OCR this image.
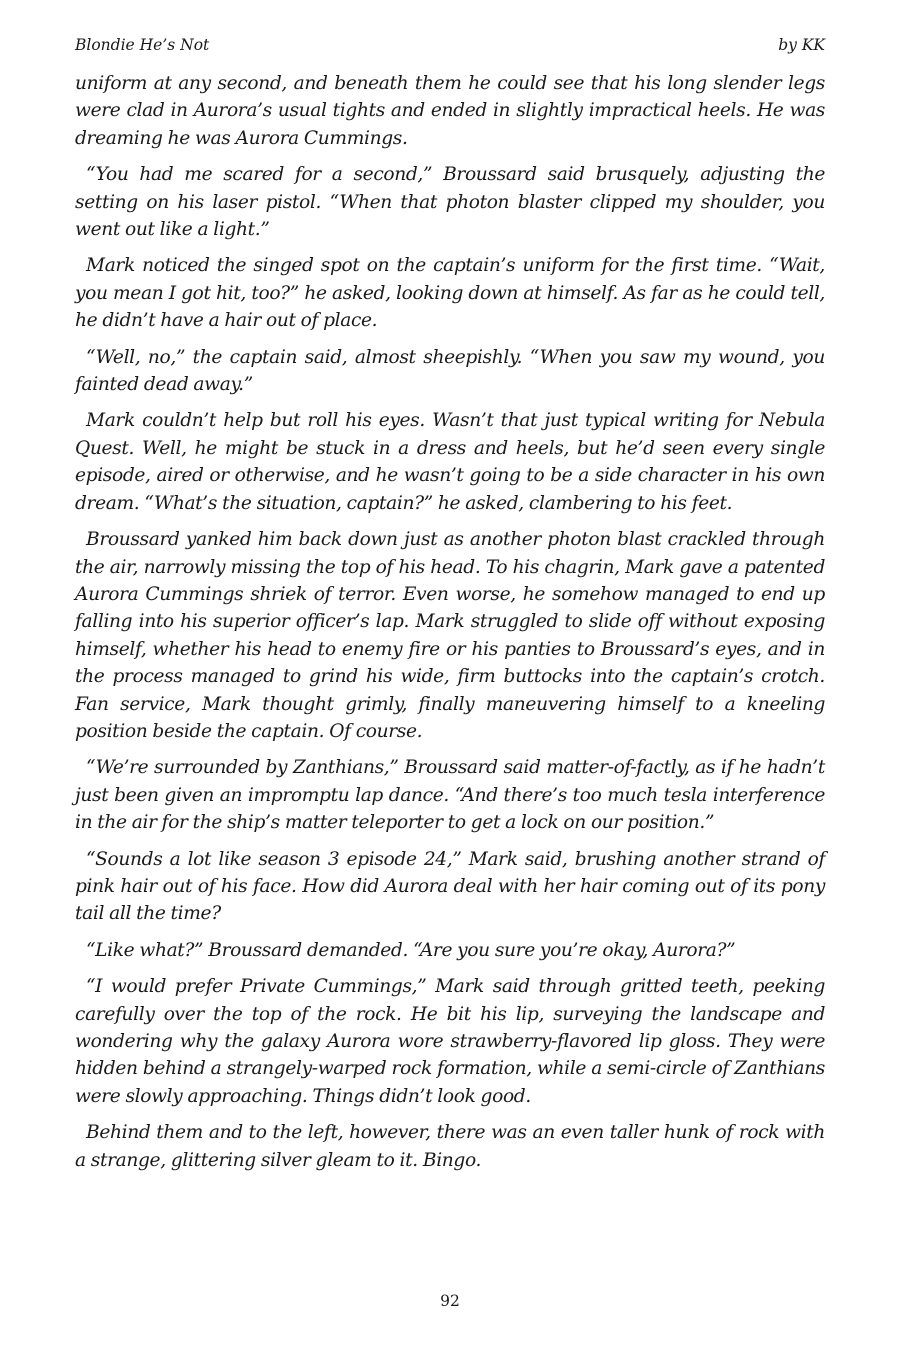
Blondie He’s Not	by KK

uniform at any second, and beneath them he could see that his long slender legs were clad in Aurora’s usual tights and ended in slightly impractical heels. He was dreaming he was Aurora Cummings.

“You had me scared for a second,” Broussard said brusquely, adjusting the setting on his laser pistol. “When that photon blaster clipped my shoulder, you went out like a light.”

Mark noticed the singed spot on the captain’s uniform for the first time. “Wait, you mean I got hit, too?” he asked, looking down at himself. As far as he could tell, he didn’t have a hair out of place.

“Well, no,” the captain said, almost sheepishly. “When you saw my wound, you fainted dead away.”

Mark couldn’t help but roll his eyes. Wasn’t that just typical writing for Nebula Quest. Well, he might be stuck in a dress and heels, but he’d seen every single episode, aired or otherwise, and he wasn’t going to be a side character in his own dream. “What’s the situation, captain?” he asked, clambering to his feet.

Broussard yanked him back down just as another photon blast crackled through the air, narrowly missing the top of his head. To his chagrin, Mark gave a patented Aurora Cummings shriek of terror. Even worse, he somehow managed to end up falling into his superior officer’s lap. Mark struggled to slide off without exposing himself, whether his head to enemy fire or his panties to Broussard’s eyes, and in the process managed to grind his wide, firm buttocks into the captain’s crotch. Fan service, Mark thought grimly, finally maneuvering himself to a kneeling position beside the captain. Of course.

“We’re surrounded by Zanthians,” Broussard said matter-of-factly, as if he hadn’t just been given an impromptu lap dance. “And there’s too much tesla interference in the air for the ship’s matter teleporter to get a lock on our position.”

“Sounds a lot like season 3 episode 24,” Mark said, brushing another strand of pink hair out of his face. How did Aurora deal with her hair coming out of its pony tail all the time?

“Like what?” Broussard demanded. “Are you sure you’re okay, Aurora?”

“I would prefer Private Cummings,” Mark said through gritted teeth, peeking carefully over the top of the rock. He bit his lip, surveying the landscape and wondering why the galaxy Aurora wore strawberry-flavored lip gloss. They were hidden behind a strangely-warped rock formation, while a semi-circle of Zanthians were slowly approaching. Things didn’t look good.

Behind them and to the left, however, there was an even taller hunk of rock with a strange, glittering silver gleam to it. Bingo.

92
